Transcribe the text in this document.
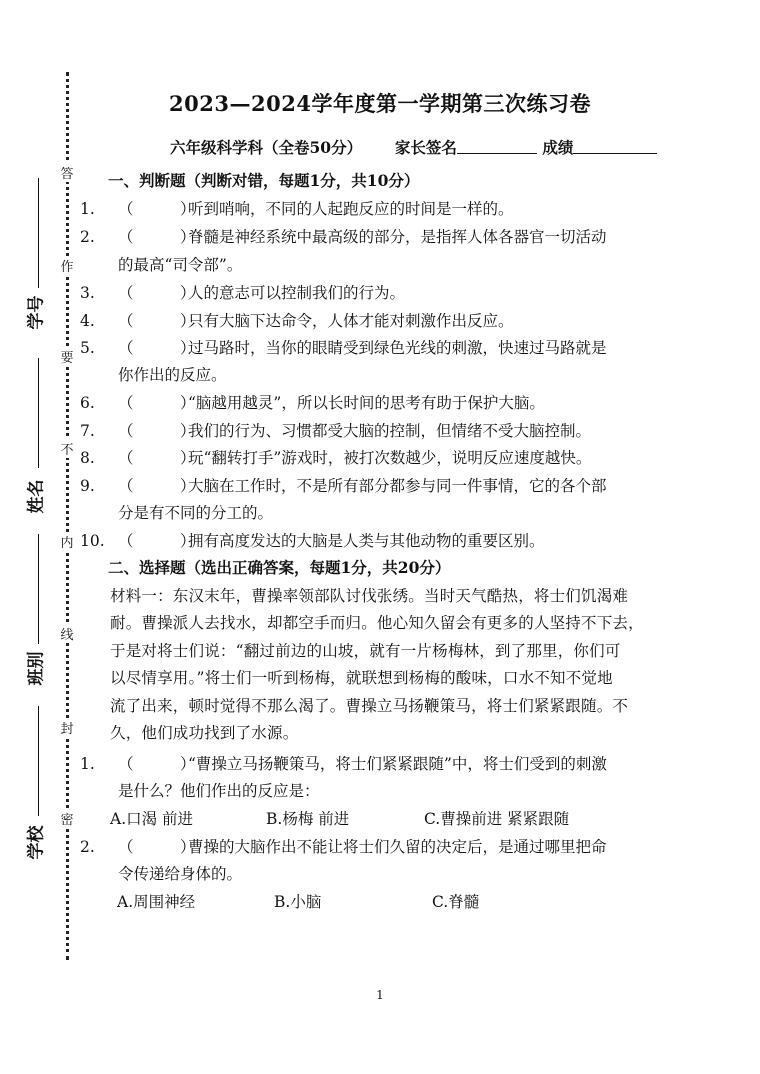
答
作
要
不
内
线
封
密
学号
姓名
班别
学校
2023—2024学年度第一学期第三次练习卷
六年级科学科（全卷50分） 家长签名	成绩
一、判断题（判断对错，每题1分，共10分）
1. （　　　）听到哨响，不同的人起跑反应的时间是一样的。
2. （　　　）脊髓是神经系统中最高级的部分，是指挥人体各器官一切活动
的最高“司令部”。
3. （　　　）人的意志可以控制我们的行为。
4. （　　　）只有大脑下达命令，人体才能对刺激作出反应。
5. （　　　）过马路时，当你的眼睛受到绿色光线的刺激，快速过马路就是
你作出的反应。
6. （　　　）“脑越用越灵”，所以长时间的思考有助于保护大脑。
7. （　　　）我们的行为、习惯都受大脑的控制，但情绪不受大脑控制。
8. （　　　）玩“翻转打手”游戏时，被打次数越少，说明反应速度越快。
9. （　　　）大脑在工作时，不是所有部分都参与同一件事情，它的各个部
分是有不同的分工的。
10. （　　　）拥有高度发达的大脑是人类与其他动物的重要区别。
二、选择题（选出正确答案，每题1分，共20分）
材料一：东汉末年，曹操率领部队讨伐张绣。当时天气酷热，将士们饥渴难
耐。曹操派人去找水，却都空手而归。他心知久留会有更多的人坚持不下去，
于是对将士们说：“翻过前边的山坡，就有一片杨梅林，到了那里，你们可
以尽情享用。”将士们一听到杨梅，就联想到杨梅的酸味，口水不知不觉地
流了出来，顿时觉得不那么渴了。曹操立马扬鞭策马，将士们紧紧跟随。不
久，他们成功找到了水源。
1. （　　　）“曹操立马扬鞭策马，将士们紧紧跟随”中，将士们受到的刺激
是什么？他们作出的反应是：
A.口渴 前进	B.杨梅 前进	C.曹操前进 紧紧跟随
2. （　　　）曹操的大脑作出不能让将士们久留的决定后，是通过哪里把命
令传递给身体的。
A.周围神经	B.小脑	C.脊髓
1
